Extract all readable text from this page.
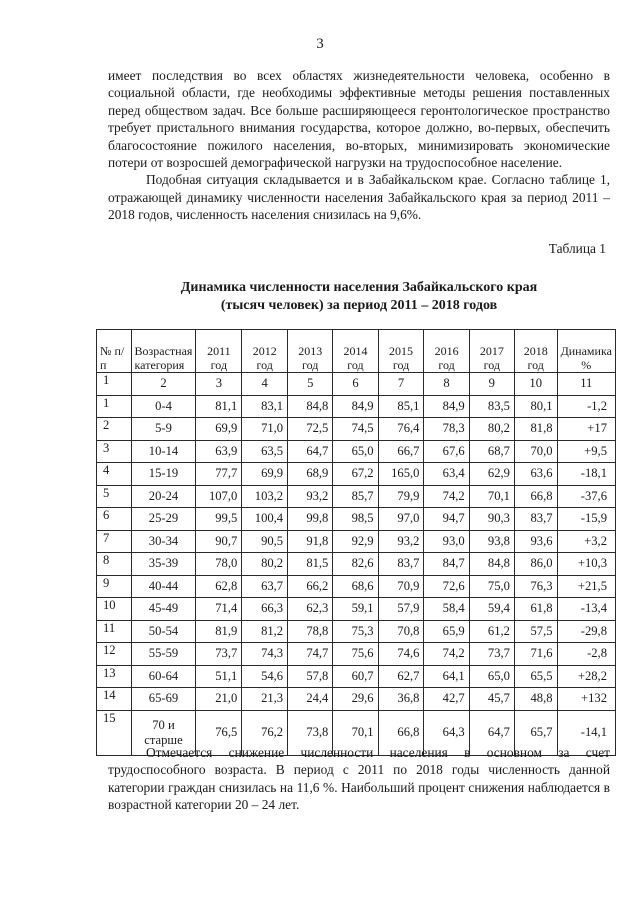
3

имеет последствия во всех областях жизнедеятельности человека, особенно в социальной области, где необходимы эффективные методы решения поставленных перед обществом задач. Все больше расширяющееся геронтологическое пространство требует пристального внимания государства, которое должно, во-первых, обеспечить благосостояние пожилого населения, во-вторых, минимизировать экономические потери от возросшей демографической нагрузки на трудоспособное население.

Подобная ситуация складывается и в Забайкальском крае. Согласно таблице 1, отражающей динамику численности населения Забайкальского края за период 2011 – 2018 годов, численность населения снизилась на 9,6%.

Таблица 1
Динамика численности населения Забайкальского края
(тысяч человек) за период 2011 – 2018 годов
№ п/п	Возрастная категория	2011 год	2012 год	2013 год	2014 год	2015 год	2016 год	2017 год	2018 год	Динамика %
1	2	3	4	5	6	7	8	9	10	11
1	0-4	81,1	83,1	84,8	84,9	85,1	84,9	83,5	80,1	-1,2
2	5-9	69,9	71,0	72,5	74,5	76,4	78,3	80,2	81,8	+17
3	10-14	63,9	63,5	64,7	65,0	66,7	67,6	68,7	70,0	+9,5
4	15-19	77,7	69,9	68,9	67,2	165,0	63,4	62,9	63,6	-18,1
5	20-24	107,0	103,2	93,2	85,7	79,9	74,2	70,1	66,8	-37,6
6	25-29	99,5	100,4	99,8	98,5	97,0	94,7	90,3	83,7	-15,9
7	30-34	90,7	90,5	91,8	92,9	93,2	93,0	93,8	93,6	+3,2
8	35-39	78,0	80,2	81,5	82,6	83,7	84,7	84,8	86,0	+10,3
9	40-44	62,8	63,7	66,2	68,6	70,9	72,6	75,0	76,3	+21,5
10	45-49	71,4	66,3	62,3	59,1	57,9	58,4	59,4	61,8	-13,4
11	50-54	81,9	81,2	78,8	75,3	70,8	65,9	61,2	57,5	-29,8
12	55-59	73,7	74,3	74,7	75,6	74,6	74,2	73,7	71,6	-2,8
13	60-64	51,1	54,6	57,8	60,7	62,7	64,1	65,0	65,5	+28,2
14	65-69	21,0	21,3	24,4	29,6	36,8	42,7	45,7	48,8	+132
15	70 и старше	76,5	76,2	73,8	70,1	66,8	64,3	64,7	65,7	-14,1

Отмечается снижение численности населения в основном за счет трудоспособного возраста. В период с 2011 по 2018 годы численность данной категории граждан снизилась на 11,6 %. Наибольший процент снижения наблюдается в возрастной категории 20 – 24 лет.
